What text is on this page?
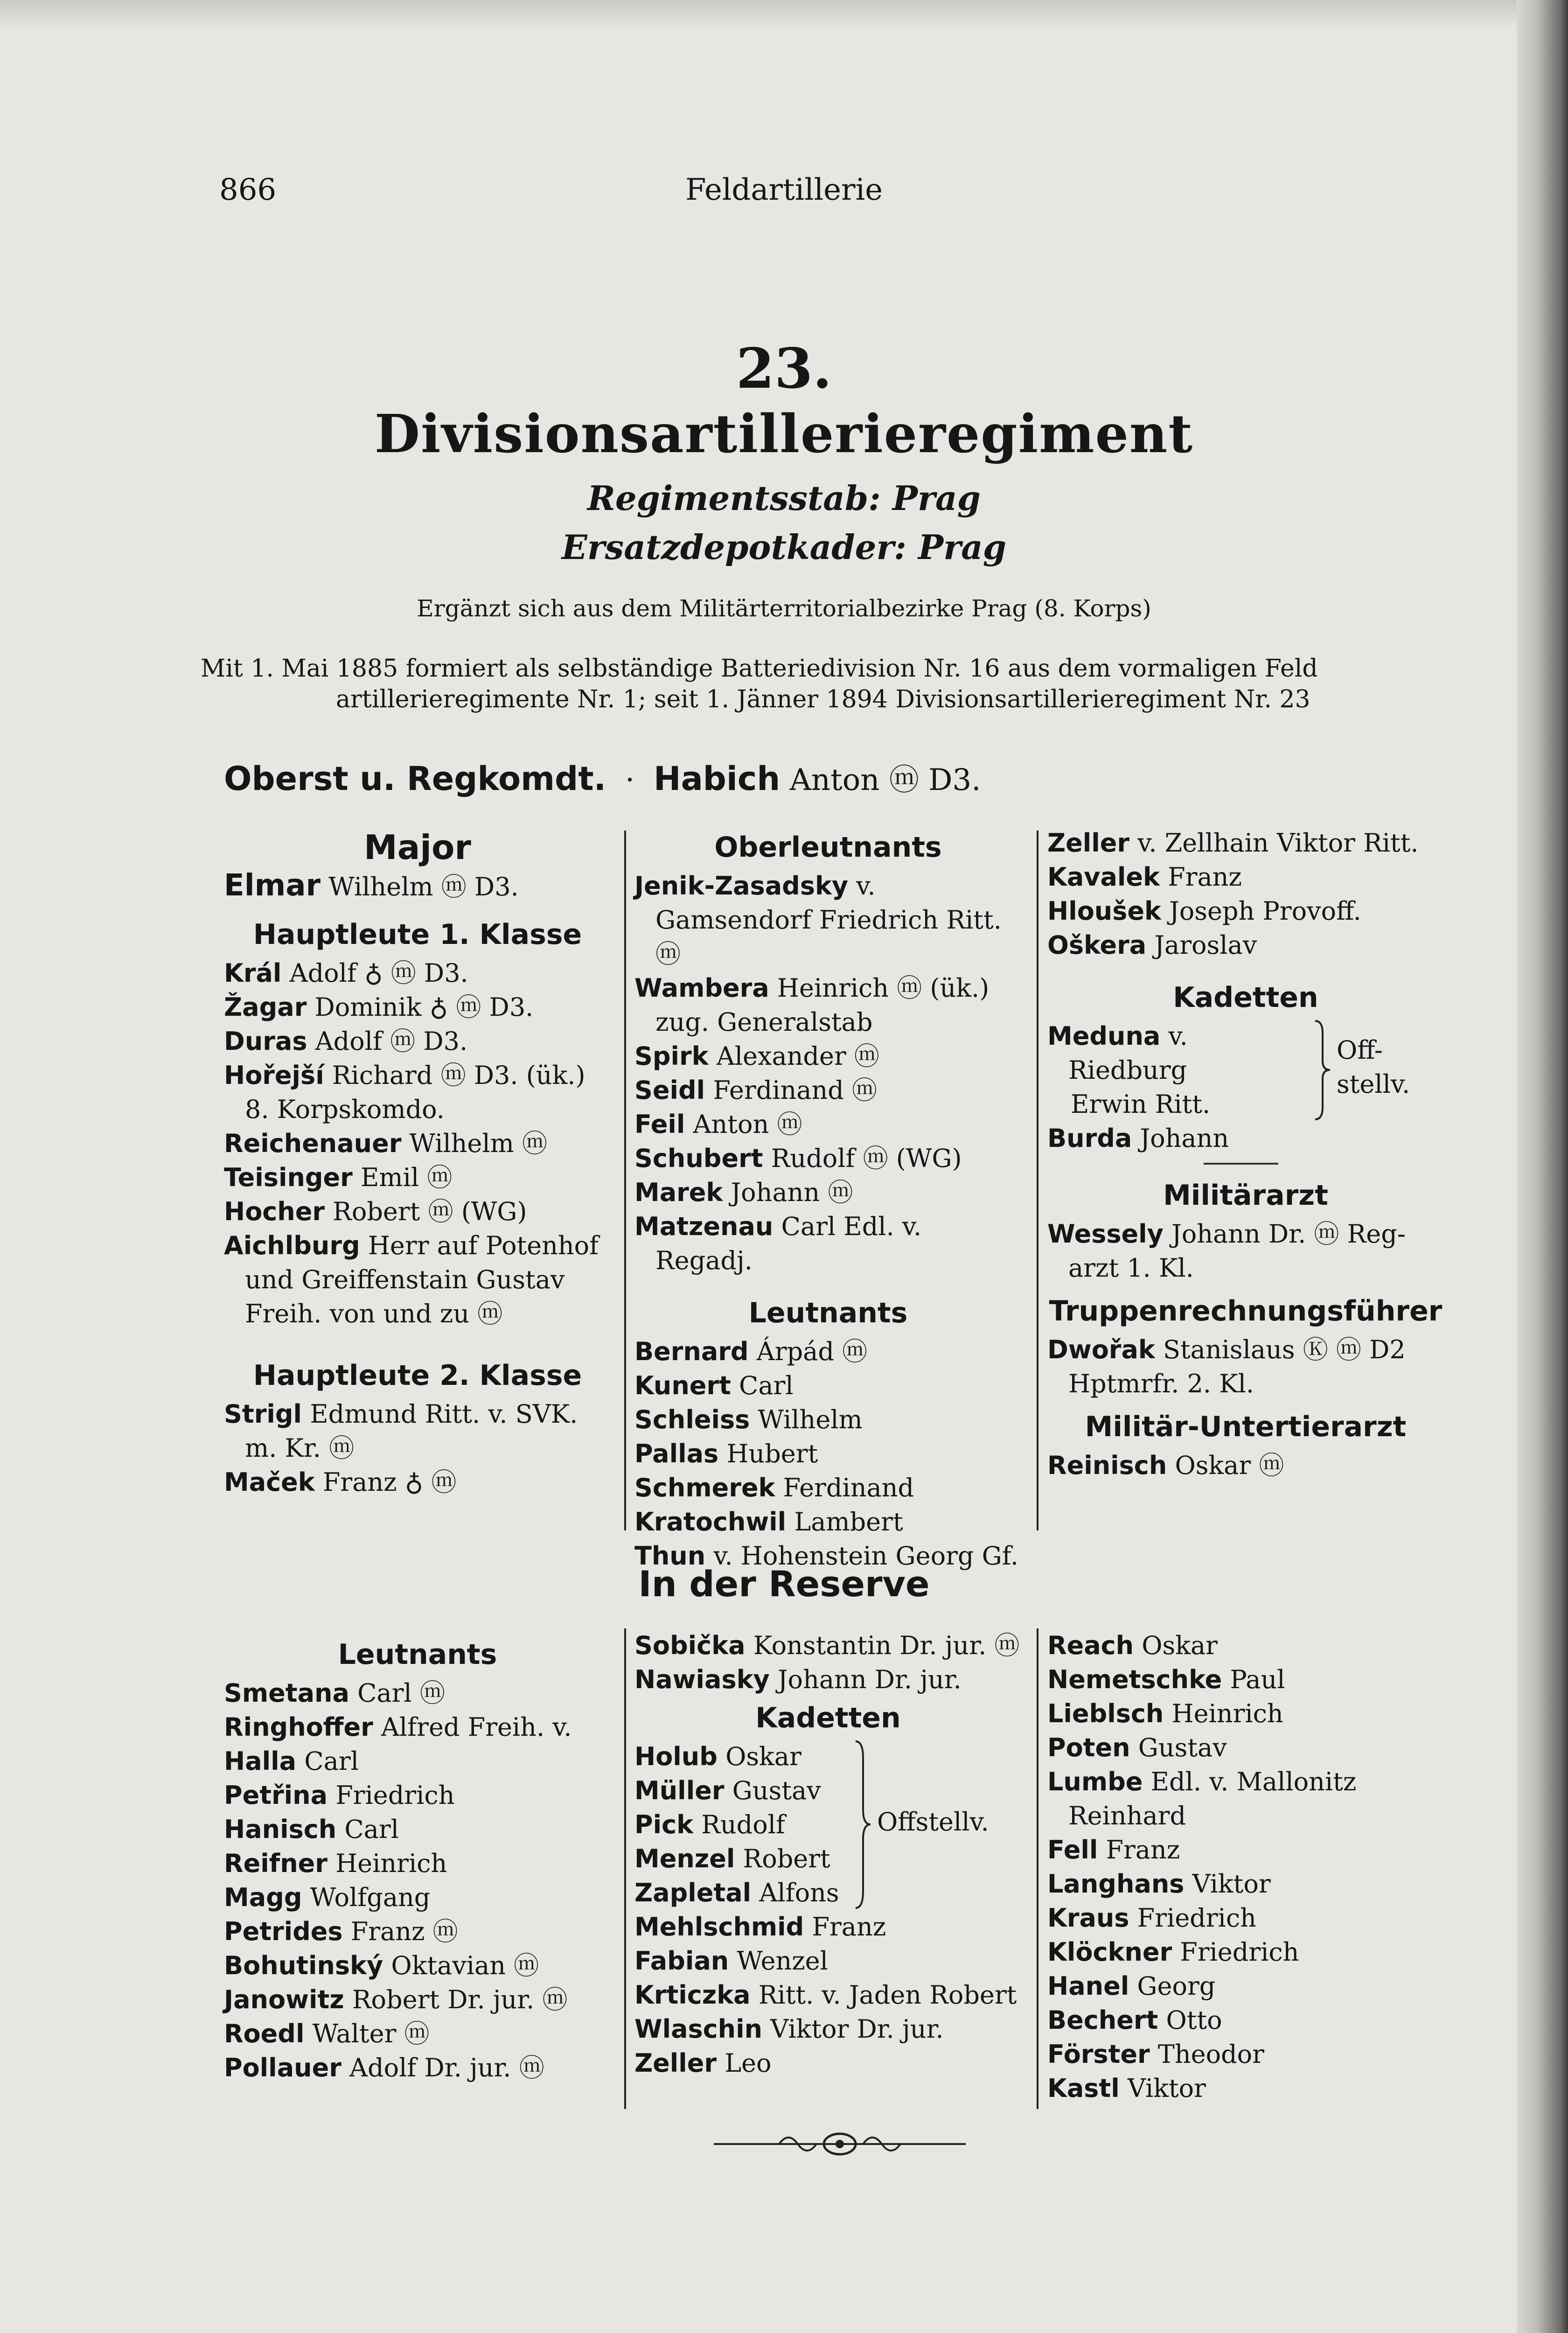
866	Feldartillerie
23.
Divisionsartillerieregiment
Regimentsstab: Prag
Ersatzdepotkader: Prag
Ergänzt sich aus dem Militärterritorialbezirke Prag (8. Korps)
Mit 1. Mai 1885 formiert als selbständige Batteriedivision Nr. 16 aus dem vormaligen Feld
artillerieregimente Nr. 1; seit 1. Jänner 1894 Divisionsartillerieregiment Nr. 23
Oberst u. Regkomdt.  ·  Habich Anton ⓜ D3.
Major
Elmar Wilhelm ⓜ D3.
Hauptleute 1. Klasse
Král Adolf ♁ ⓜ D3.
Žagar Dominik ♁ ⓜ D3.
Duras Adolf ⓜ D3.
Hořejší Richard ⓜ D3. (ük.) 8. Korpskomdo.
Reichenauer Wilhelm ⓜ
Teisinger Emil ⓜ
Hocher Robert ⓜ (WG)
Aichlburg Herr auf Potenhof und Greiffenstain Gustav Freih. von und zu ⓜ
Hauptleute 2. Klasse
Strigl Edmund Ritt. v. SVK. m. Kr. ⓜ
Maček Franz ♁ ⓜ
Oberleutnants
Jenik-Zasadsky v. Gamsendorf Friedrich Ritt. ⓜ
Wambera Heinrich ⓜ (ük.) zug. Generalstab
Spirk Alexander ⓜ
Seidl Ferdinand ⓜ
Feil Anton ⓜ
Schubert Rudolf ⓜ (WG)
Marek Johann ⓜ
Matzenau Carl Edl. v. Regadj.
Leutnants
Bernard Árpád ⓜ
Kunert Carl
Schleiss Wilhelm
Pallas Hubert
Schmerek Ferdinand
Kratochwil Lambert
Thun v. Hohenstein Georg Gf.
Zeller v. Zellhain Viktor Ritt.
Kavalek Franz
Hloušek Joseph Provoff.
Oškera Jaroslav
Kadetten
Meduna v. Riedburg
Erwin Ritt.
Burda Johann
Off-stellv.
Militärarzt
Wessely Johann Dr. ⓜ Reg-arzt 1. Kl.
Truppenrechnungsführer
Dwořak Stanislaus Ⓚ ⓜ D2 Hptmrfr. 2. Kl.
Militär-Untertierarzt
Reinisch Oskar ⓜ
In der Reserve
Leutnants
Smetana Carl ⓜ
Ringhoffer Alfred Freih. v.
Halla Carl
Petřina Friedrich
Hanisch Carl
Reifner Heinrich
Magg Wolfgang
Petrides Franz ⓜ
Bohutinský Oktavian ⓜ
Janowitz Robert Dr. jur. ⓜ
Roedl Walter ⓜ
Pollauer Adolf Dr. jur. ⓜ
Sobička Konstantin Dr. jur. ⓜ
Nawiasky Johann Dr. jur.
Kadetten
Holub Oskar
Müller Gustav
Pick Rudolf
Menzel Robert
Zapletal Alfons
Offstellv.
Mehlschmid Franz
Fabian Wenzel
Krticzka Ritt. v. Jaden Robert
Wlaschin Viktor Dr. jur.
Zeller Leo
Reach Oskar
Nemetschke Paul
Lieblsch Heinrich
Poten Gustav
Lumbe Edl. v. Mallonitz Reinhard
Fell Franz
Langhans Viktor
Kraus Friedrich
Klöckner Friedrich
Hanel Georg
Bechert Otto
Förster Theodor
Kastl Viktor
